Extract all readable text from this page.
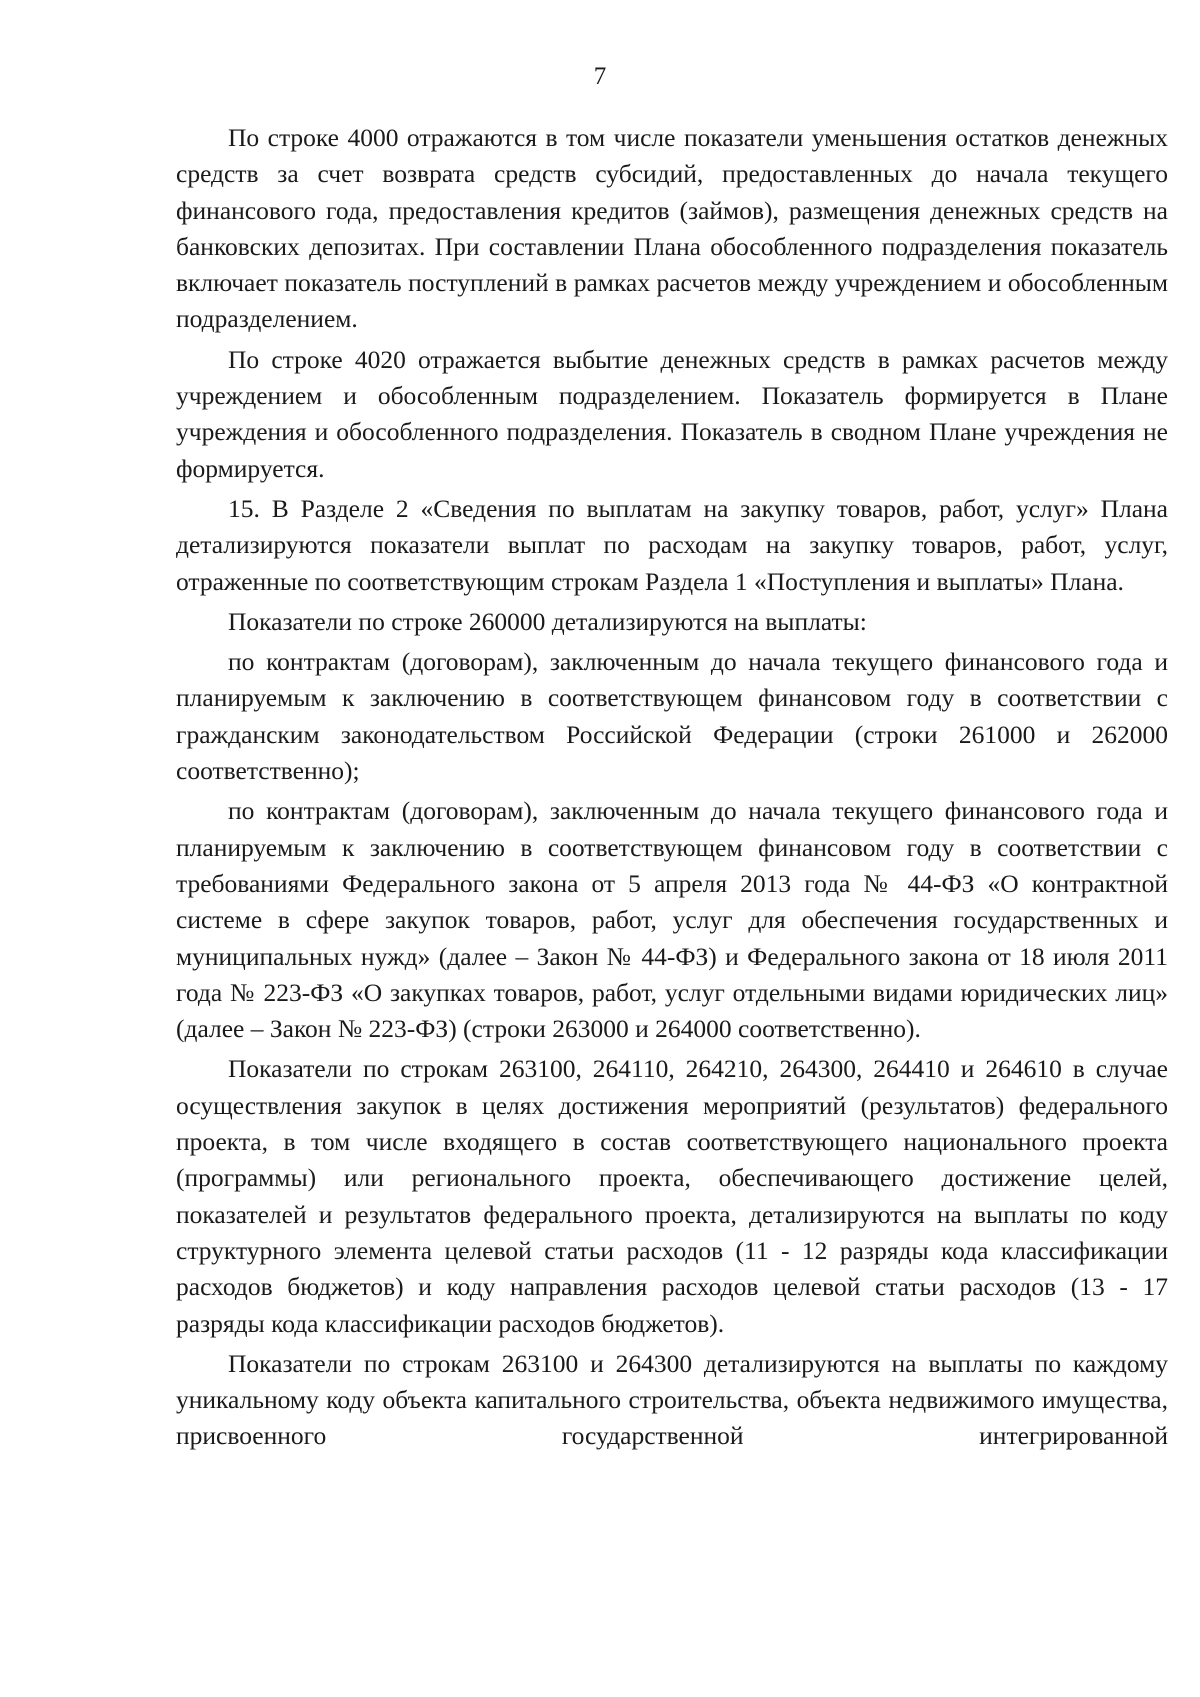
7

По строке 4000 отражаются в том числе показатели уменьшения остатков денежных средств за счет возврата средств субсидий, предоставленных до начала текущего финансового года, предоставления кредитов (займов), размещения денежных средств на банковских депозитах. При составлении Плана обособленного подразделения показатель включает показатель поступлений в рамках расчетов между учреждением и обособленным подразделением.

По строке 4020 отражается выбытие денежных средств в рамках расчетов между учреждением и обособленным подразделением. Показатель формируется в Плане учреждения и обособленного подразделения. Показатель в сводном Плане учреждения не формируется.

15. В Разделе 2 «Сведения по выплатам на закупку товаров, работ, услуг» Плана детализируются показатели выплат по расходам на закупку товаров, работ, услуг, отраженные по соответствующим строкам Раздела 1 «Поступления и выплаты» Плана.

Показатели по строке 260000 детализируются на выплаты:

по контрактам (договорам), заключенным до начала текущего финансового года и планируемым к заключению в соответствующем финансовом году в соответствии с гражданским законодательством Российской Федерации (строки 261000 и 262000 соответственно);

по контрактам (договорам), заключенным до начала текущего финансового года и планируемым к заключению в соответствующем финансовом году в соответствии с требованиями Федерального закона от 5 апреля 2013 года № 44-ФЗ «О контрактной системе в сфере закупок товаров, работ, услуг для обеспечения государственных и муниципальных нужд» (далее – Закон № 44-ФЗ) и Федерального закона от 18 июля 2011 года № 223-ФЗ «О закупках товаров, работ, услуг отдельными видами юридических лиц» (далее – Закон № 223-ФЗ) (строки 263000 и 264000 соответственно).

Показатели по строкам 263100, 264110, 264210, 264300, 264410 и 264610 в случае осуществления закупок в целях достижения мероприятий (результатов) федерального проекта, в том числе входящего в состав соответствующего национального проекта (программы) или регионального проекта, обеспечивающего достижение целей, показателей и результатов федерального проекта, детализируются на выплаты по коду структурного элемента целевой статьи расходов (11 - 12 разряды кода классификации расходов бюджетов) и коду направления расходов целевой статьи расходов (13 - 17 разряды кода классификации расходов бюджетов).

Показатели по строкам 263100 и 264300 детализируются на выплаты по каждому уникальному коду объекта капитального строительства, объекта недвижимого имущества, присвоенного государственной интегрированной
